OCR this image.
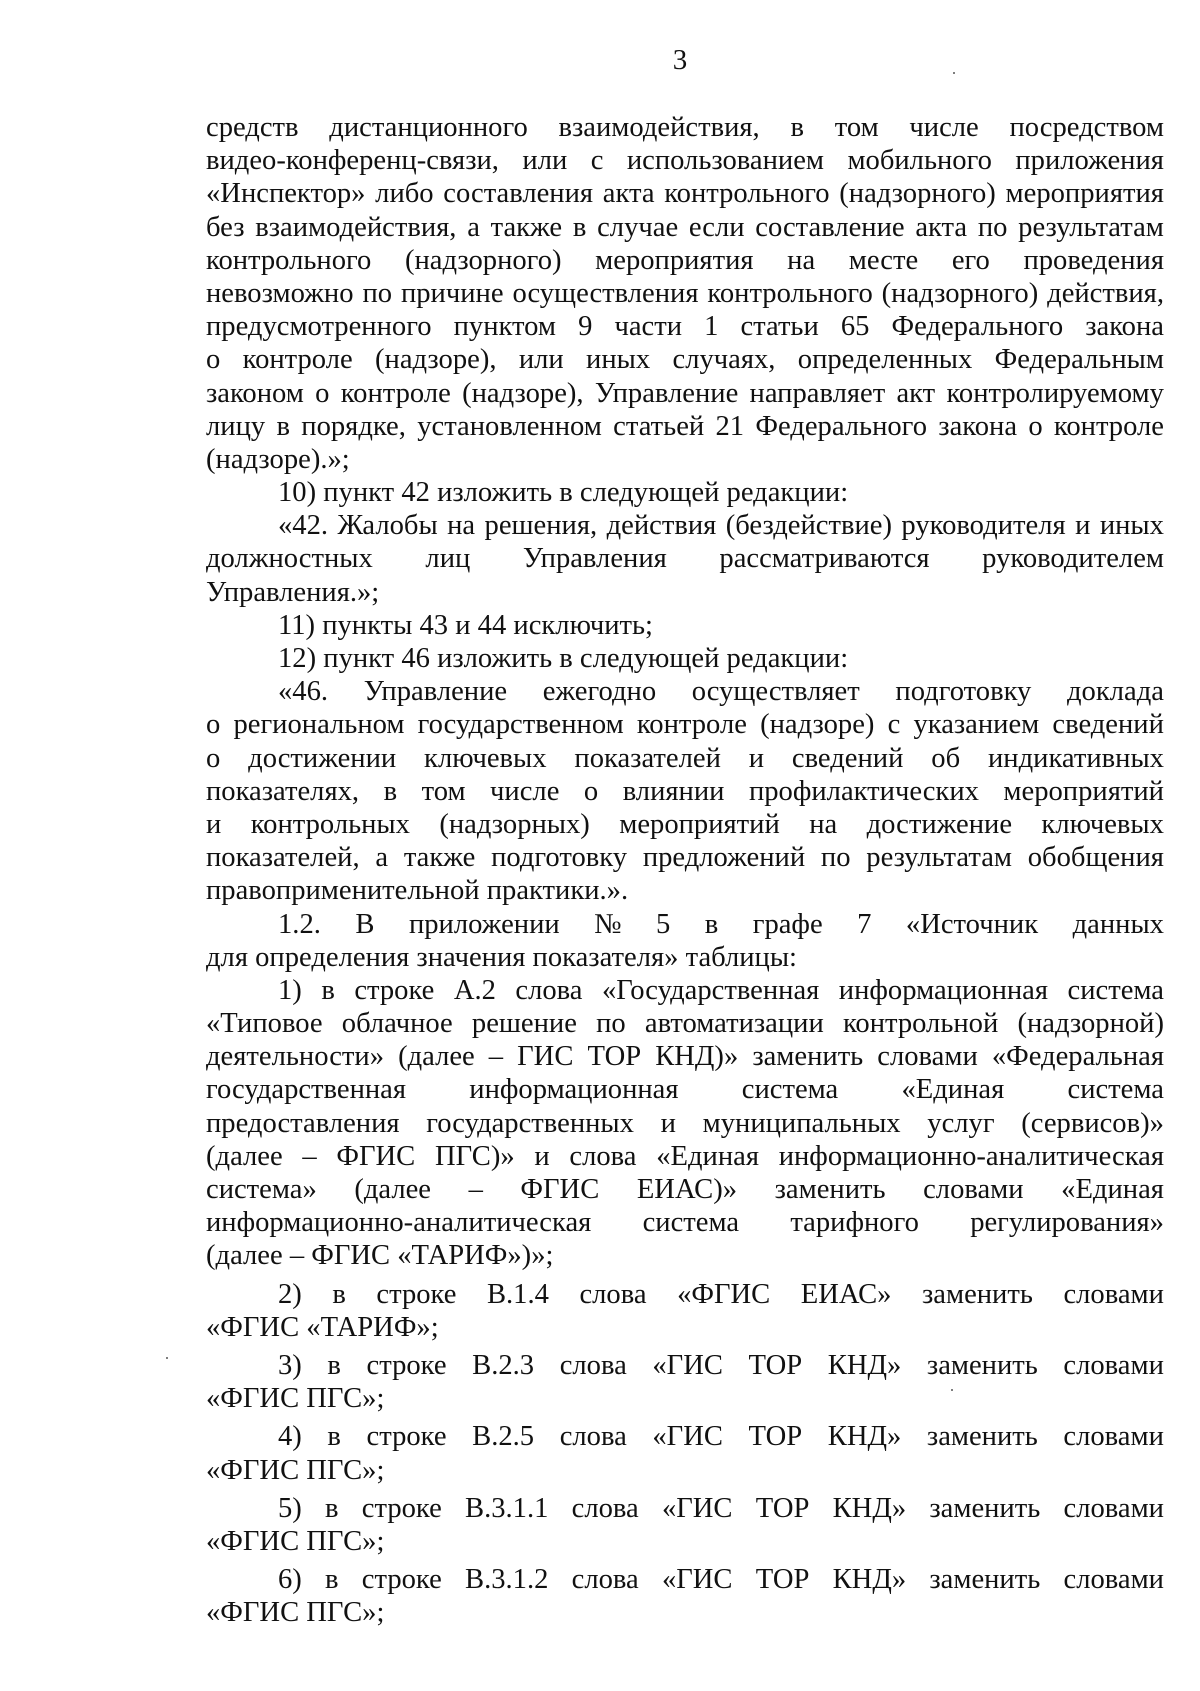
3
средств дистанционного взаимодействия, в том числе посредством
видео-конференц-связи, или с использованием мобильного приложения
«Инспектор» либо составления акта контрольного (надзорного) мероприятия
без взаимодействия, а также в случае если составление акта по результатам
контрольного (надзорного) мероприятия на месте его проведения
невозможно по причине осуществления контрольного (надзорного) действия,
предусмотренного пунктом 9 части 1 статьи 65 Федерального закона
о контроле (надзоре), или иных случаях, определенных Федеральным
законом о контроле (надзоре), Управление направляет акт контролируемому
лицу в порядке, установленном статьей 21 Федерального закона о контроле
(надзоре).»;
10) пункт 42 изложить в следующей редакции:
«42. Жалобы на решения, действия (бездействие) руководителя и иных
должностных лиц Управления рассматриваются руководителем
Управления.»;
11) пункты 43 и 44 исключить;
12) пункт 46 изложить в следующей редакции:
«46. Управление ежегодно осуществляет подготовку доклада
о региональном государственном контроле (надзоре) с указанием сведений
о достижении ключевых показателей и сведений об индикативных
показателях, в том числе о влиянии профилактических мероприятий
и контрольных (надзорных) мероприятий на достижение ключевых
показателей, а также подготовку предложений по результатам обобщения
правоприменительной практики.».
1.2. В приложении № 5 в графе 7 «Источник данных
для определения значения показателя» таблицы:
1) в строке А.2 слова «Государственная информационная система
«Типовое облачное решение по автоматизации контрольной (надзорной)
деятельности» (далее – ГИС ТОР КНД)» заменить словами «Федеральная
государственная информационная система «Единая система
предоставления государственных и муниципальных услуг (сервисов)»
(далее – ФГИС ПГС)» и слова «Единая информационно-аналитическая
система» (далее – ФГИС ЕИАС)» заменить словами «Единая
информационно-аналитическая система тарифного регулирования»
(далее – ФГИС «ТАРИФ»)»;
2) в строке В.1.4 слова «ФГИС ЕИАС» заменить словами
«ФГИС «ТАРИФ»;
3) в строке В.2.3 слова «ГИС ТОР КНД» заменить словами
«ФГИС ПГС»;
4) в строке В.2.5 слова «ГИС ТОР КНД» заменить словами
«ФГИС ПГС»;
5) в строке В.3.1.1 слова «ГИС ТОР КНД» заменить словами
«ФГИС ПГС»;
6) в строке В.3.1.2 слова «ГИС ТОР КНД» заменить словами
«ФГИС ПГС»;
